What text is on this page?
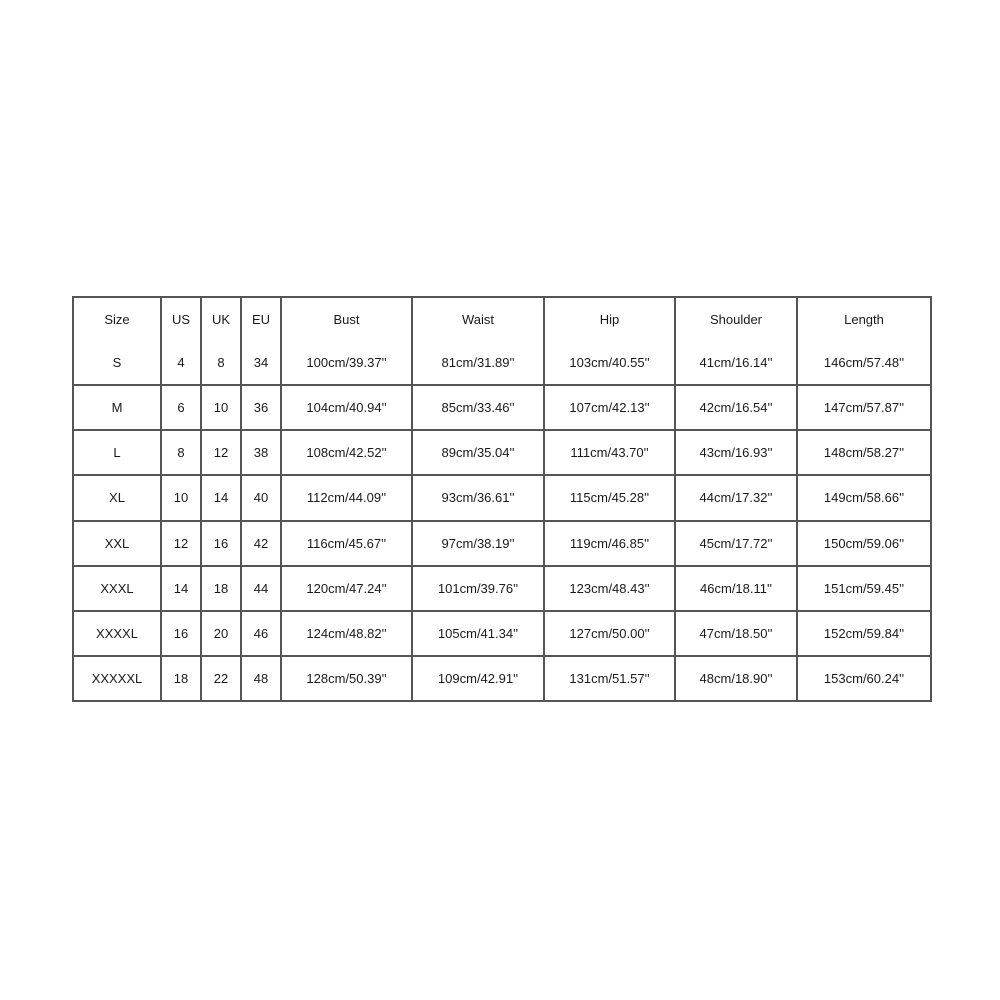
Size	US	UK	EU	Bust	Waist	Hip	Shoulder	Length
S	4	8	34	100cm/39.37''	81cm/31.89''	103cm/40.55''	41cm/16.14''	146cm/57.48''
M	6	10	36	104cm/40.94''	85cm/33.46''	107cm/42.13''	42cm/16.54''	147cm/57.87''
L	8	12	38	108cm/42.52''	89cm/35.04''	111cm/43.70''	43cm/16.93''	148cm/58.27''
XL	10	14	40	112cm/44.09''	93cm/36.61''	115cm/45.28''	44cm/17.32''	149cm/58.66''
XXL	12	16	42	116cm/45.67''	97cm/38.19''	119cm/46.85''	45cm/17.72''	150cm/59.06''
XXXL	14	18	44	120cm/47.24''	101cm/39.76''	123cm/48.43''	46cm/18.11''	151cm/59.45''
XXXXL	16	20	46	124cm/48.82''	105cm/41.34''	127cm/50.00''	47cm/18.50''	152cm/59.84''
XXXXXL	18	22	48	128cm/50.39''	109cm/42.91''	131cm/51.57''	48cm/18.90''	153cm/60.24''
